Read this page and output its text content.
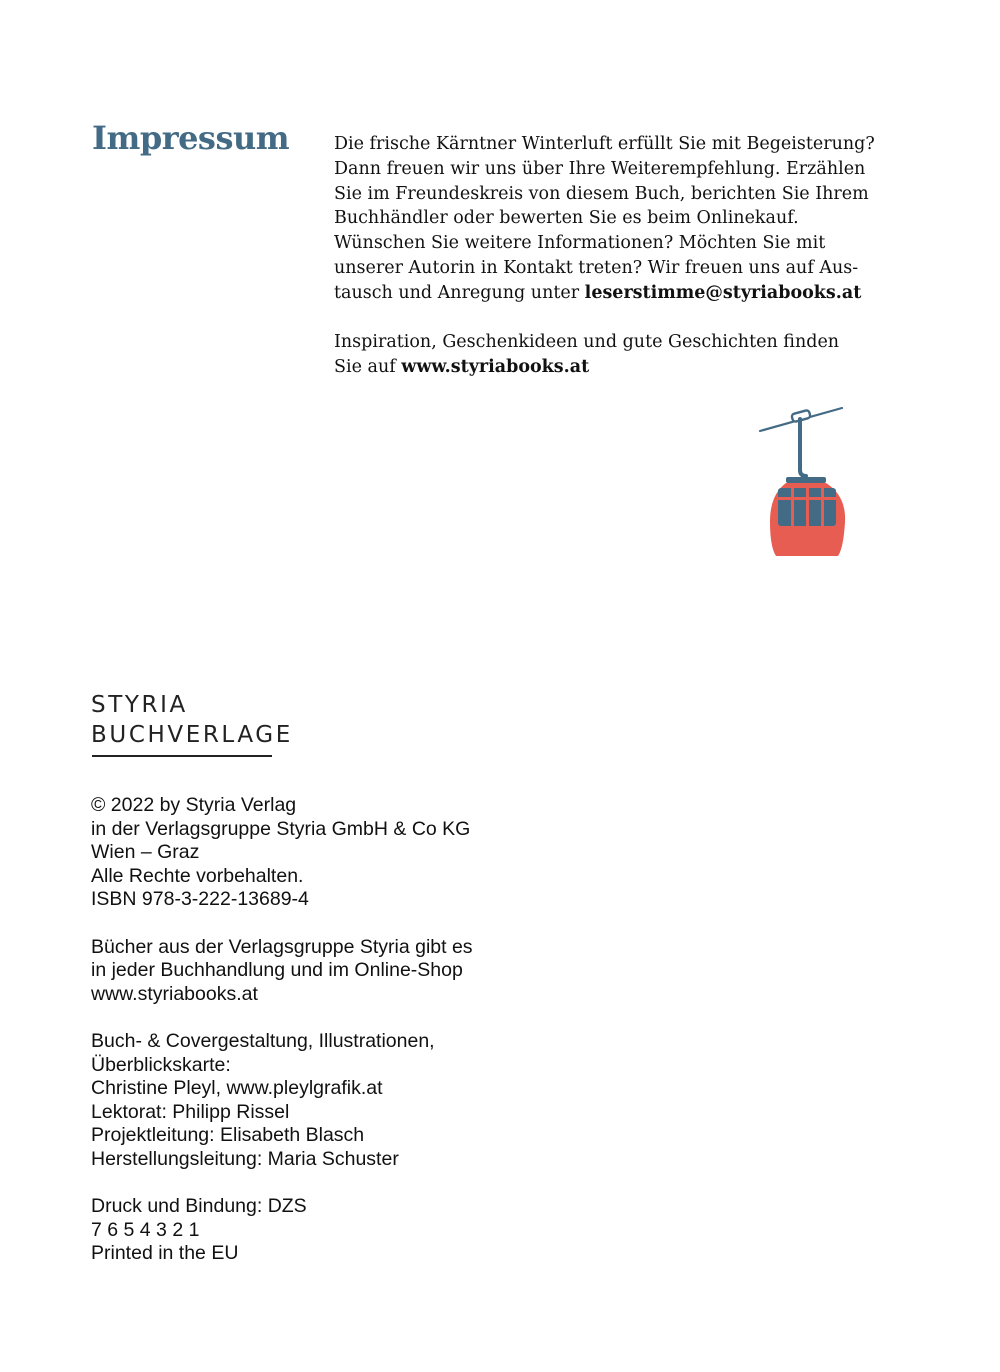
Impressum	Die frische Kärntner Winterluft erfüllt Sie mit Begeisterung?
Dann freuen wir uns über Ihre Weiterempfehlung. Erzählen
Sie im Freundeskreis von diesem Buch, berichten Sie Ihrem
Buchhändler oder bewerten Sie es beim Onlinekauf.
Wünschen Sie weitere Informationen? Möchten Sie mit
unserer Autorin in Kontakt treten? Wir freuen uns auf Aus-
tausch und Anregung unter leserstimme@styriabooks.at

Inspiration, Geschenkideen und gute Geschichten finden
Sie auf www.styriabooks.at

STYRIA
BUCHVERLAGE
© 2022 by Styria Verlag
in der Verlagsgruppe Styria GmbH & Co KG
Wien – Graz
Alle Rechte vorbehalten.
ISBN 978-3-222-13689-4
Bücher aus der Verlagsgruppe Styria gibt es
in jeder Buchhandlung und im Online-Shop
www.styriabooks.at
Buch- & Covergestaltung, Illustrationen,
Überblickskarte:
Christine Pleyl, www.pleylgrafik.at
Lektorat: Philipp Rissel
Projektleitung: Elisabeth Blasch
Herstellungsleitung: Maria Schuster
Druck und Bindung: DZS
7 6 5 4 3 2 1
Printed in the EU
